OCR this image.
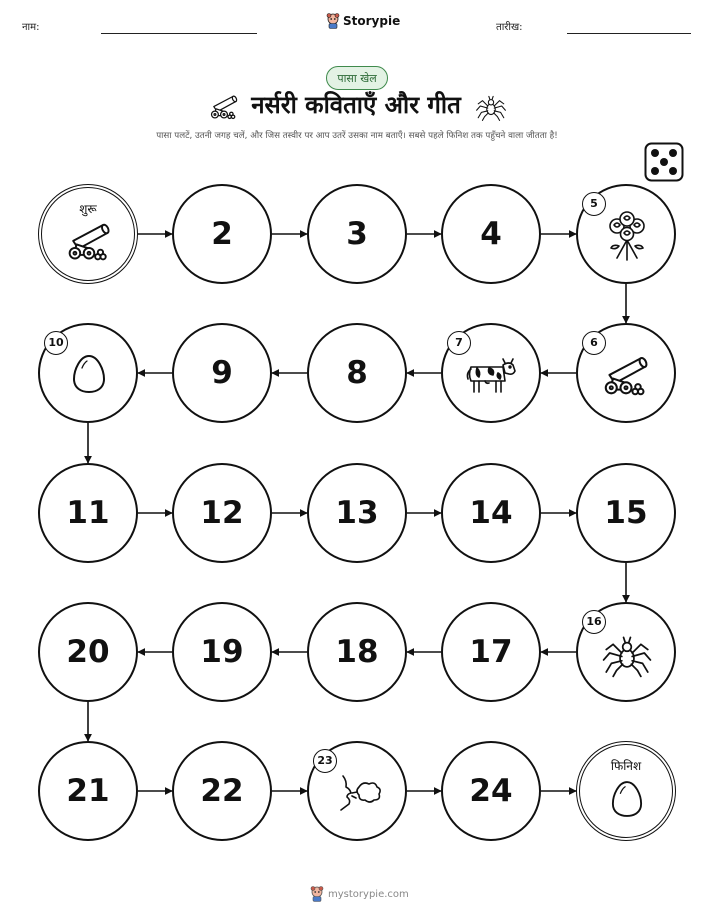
नाम:	Storypie	तारीख:
पासा खेल
नर्सरी कविताएँ और गीत
पासा पलटें, उतनी जगह चलें, और जिस तस्वीर पर आप उतरें उसका नाम बताएँ। सबसे पहले फिनिश तक पहुँचने वाला जीतता है!
शुरू
2	3	4
5
10
9	8
7	6
11	12	13	14	15
20	19	18	17
16
21	22
23
24
फिनिश
mystorypie.com
